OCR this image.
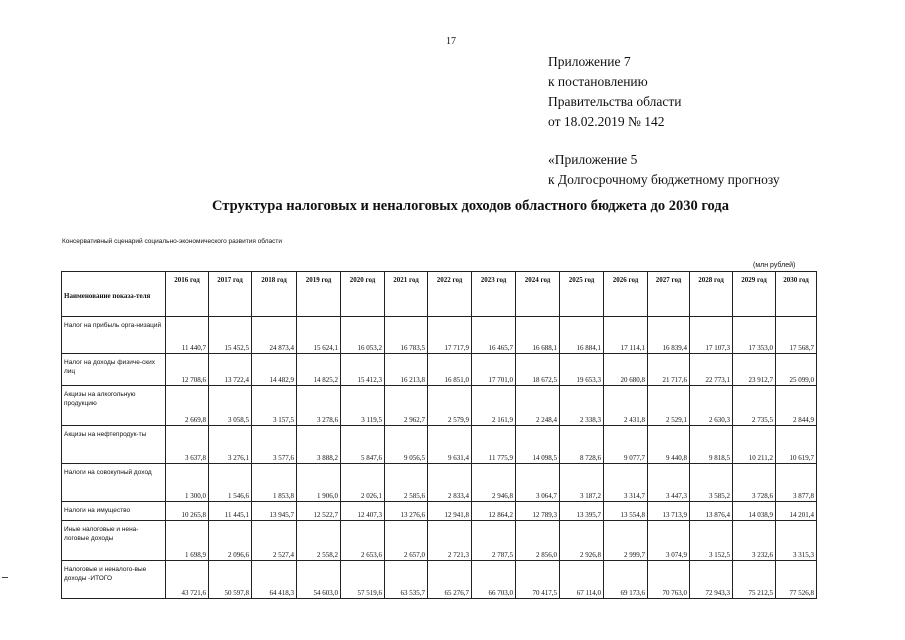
17
Приложение 7
к постановлению
Правительства области
от 18.02.2019 № 142
«Приложение 5
к Долгосрочному бюджетному прогнозу
Структура налоговых и неналоговых доходов областного бюджета до 2030 года
Консервативный сценарий социально-экономического развития области
(млн рублей)
Наименование показа-теля	2016 год	2017 год	2018 год	2019 год	2020 год	2021 год	2022 год	2023 год	2024 год	2025 год	2026 год	2027 год	2028 год	2029 год	2030 год
Налог на прибыль орга-низаций	11 440,7	15 452,5	24 873,4	15 624,1	16 053,2	16 783,5	17 717,9	16 465,7	16 688,1	16 884,1	17 114,1	16 839,4	17 107,3	17 353,0	17 568,7
Налог на доходы физиче-ских лиц	12 708,6	13 722,4	14 482,9	14 825,2	15 412,3	16 213,8	16 851,0	17 701,0	18 672,5	19 653,3	20 680,8	21 717,6	22 773,1	23 912,7	25 099,0
Акцизы на алкогольную продукцию	2 669,8	3 058,5	3 157,5	3 278,6	3 119,5	2 962,7	2 579,9	2 161,9	2 248,4	2 338,3	2 431,8	2 529,1	2 630,3	2 735,5	2 844,9
Акцизы на нефтепродук-ты	3 637,8	3 276,1	3 577,6	3 888,2	5 847,6	9 056,5	9 631,4	11 775,9	14 098,5	8 728,6	9 077,7	9 440,8	9 818,5	10 211,2	10 619,7
Налоги на совокупный доход	1 300,0	1 546,6	1 853,8	1 906,0	2 026,1	2 585,6	2 833,4	2 946,8	3 064,7	3 187,2	3 314,7	3 447,3	3 585,2	3 728,6	3 877,8
Налоги на имущество	10 265,8	11 445,1	13 945,7	12 522,7	12 407,3	13 276,6	12 941,8	12 864,2	12 789,3	13 395,7	13 554,8	13 713,9	13 876,4	14 038,9	14 201,4
Иные налоговые и нена-логовые доходы	1 698,9	2 096,6	2 527,4	2 558,2	2 653,6	2 657,0	2 721,3	2 787,5	2 856,0	2 926,8	2 999,7	3 074,9	3 152,5	3 232,6	3 315,3
Налоговые и неналого-вые доходы -ИТОГО	43 721,6	50 597,8	64 418,3	54 603,0	57 519,6	63 535,7	65 276,7	66 703,0	70 417,5	67 114,0	69 173,6	70 763,0	72 943,3	75 212,5	77 526,8
